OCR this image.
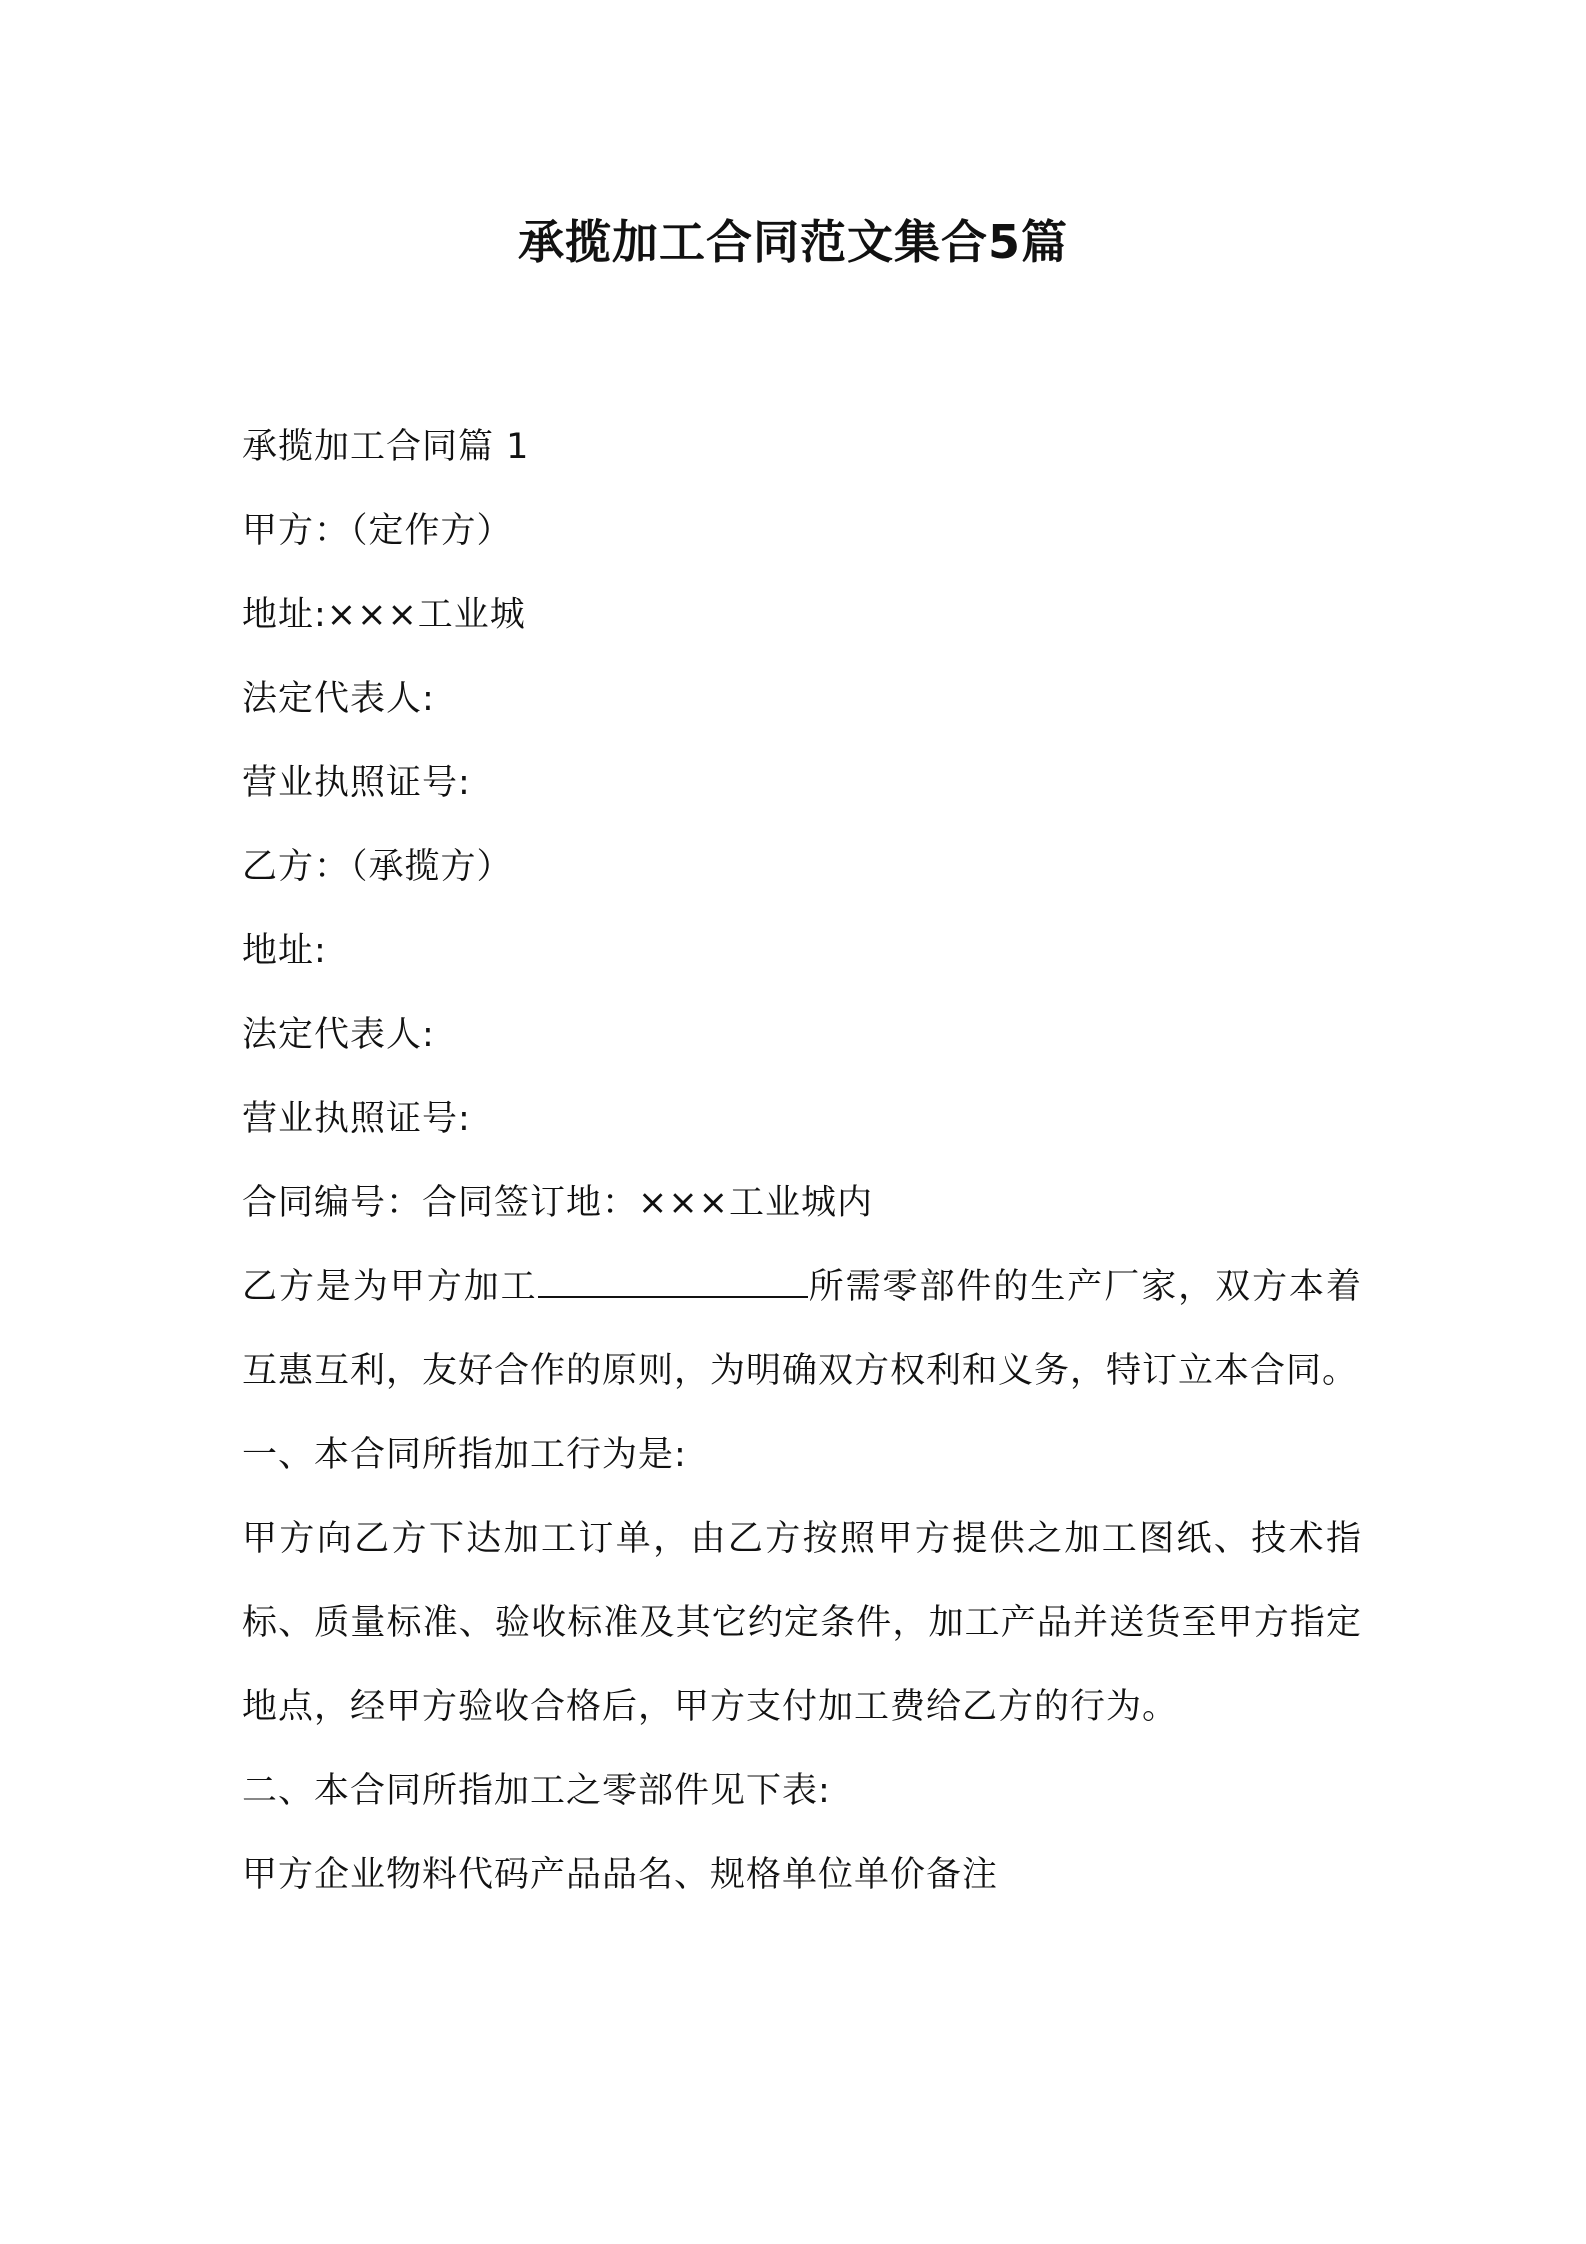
承揽加工合同范文集合5篇

承揽加工合同篇 1

甲方：（定作方）

地址:×××工业城

法定代表人:

营业执照证号:

乙方：（承揽方）

地址:

法定代表人:

营业执照证号:

合同编号：合同签订地：×××工业城内

乙方是为甲方加工	所需零部件的生产厂家，双方本着互惠互利，友好合作的原则，为明确双方权利和义务，特订立本合同。

一、本合同所指加工行为是:

甲方向乙方下达加工订单，由乙方按照甲方提供之加工图纸、技术指标、质量标准、验收标准及其它约定条件，加工产品并送货至甲方指定地点，经甲方验收合格后，甲方支付加工费给乙方的行为。

二、本合同所指加工之零部件见下表:

甲方企业物料代码产品品名、规格单位单价备注
